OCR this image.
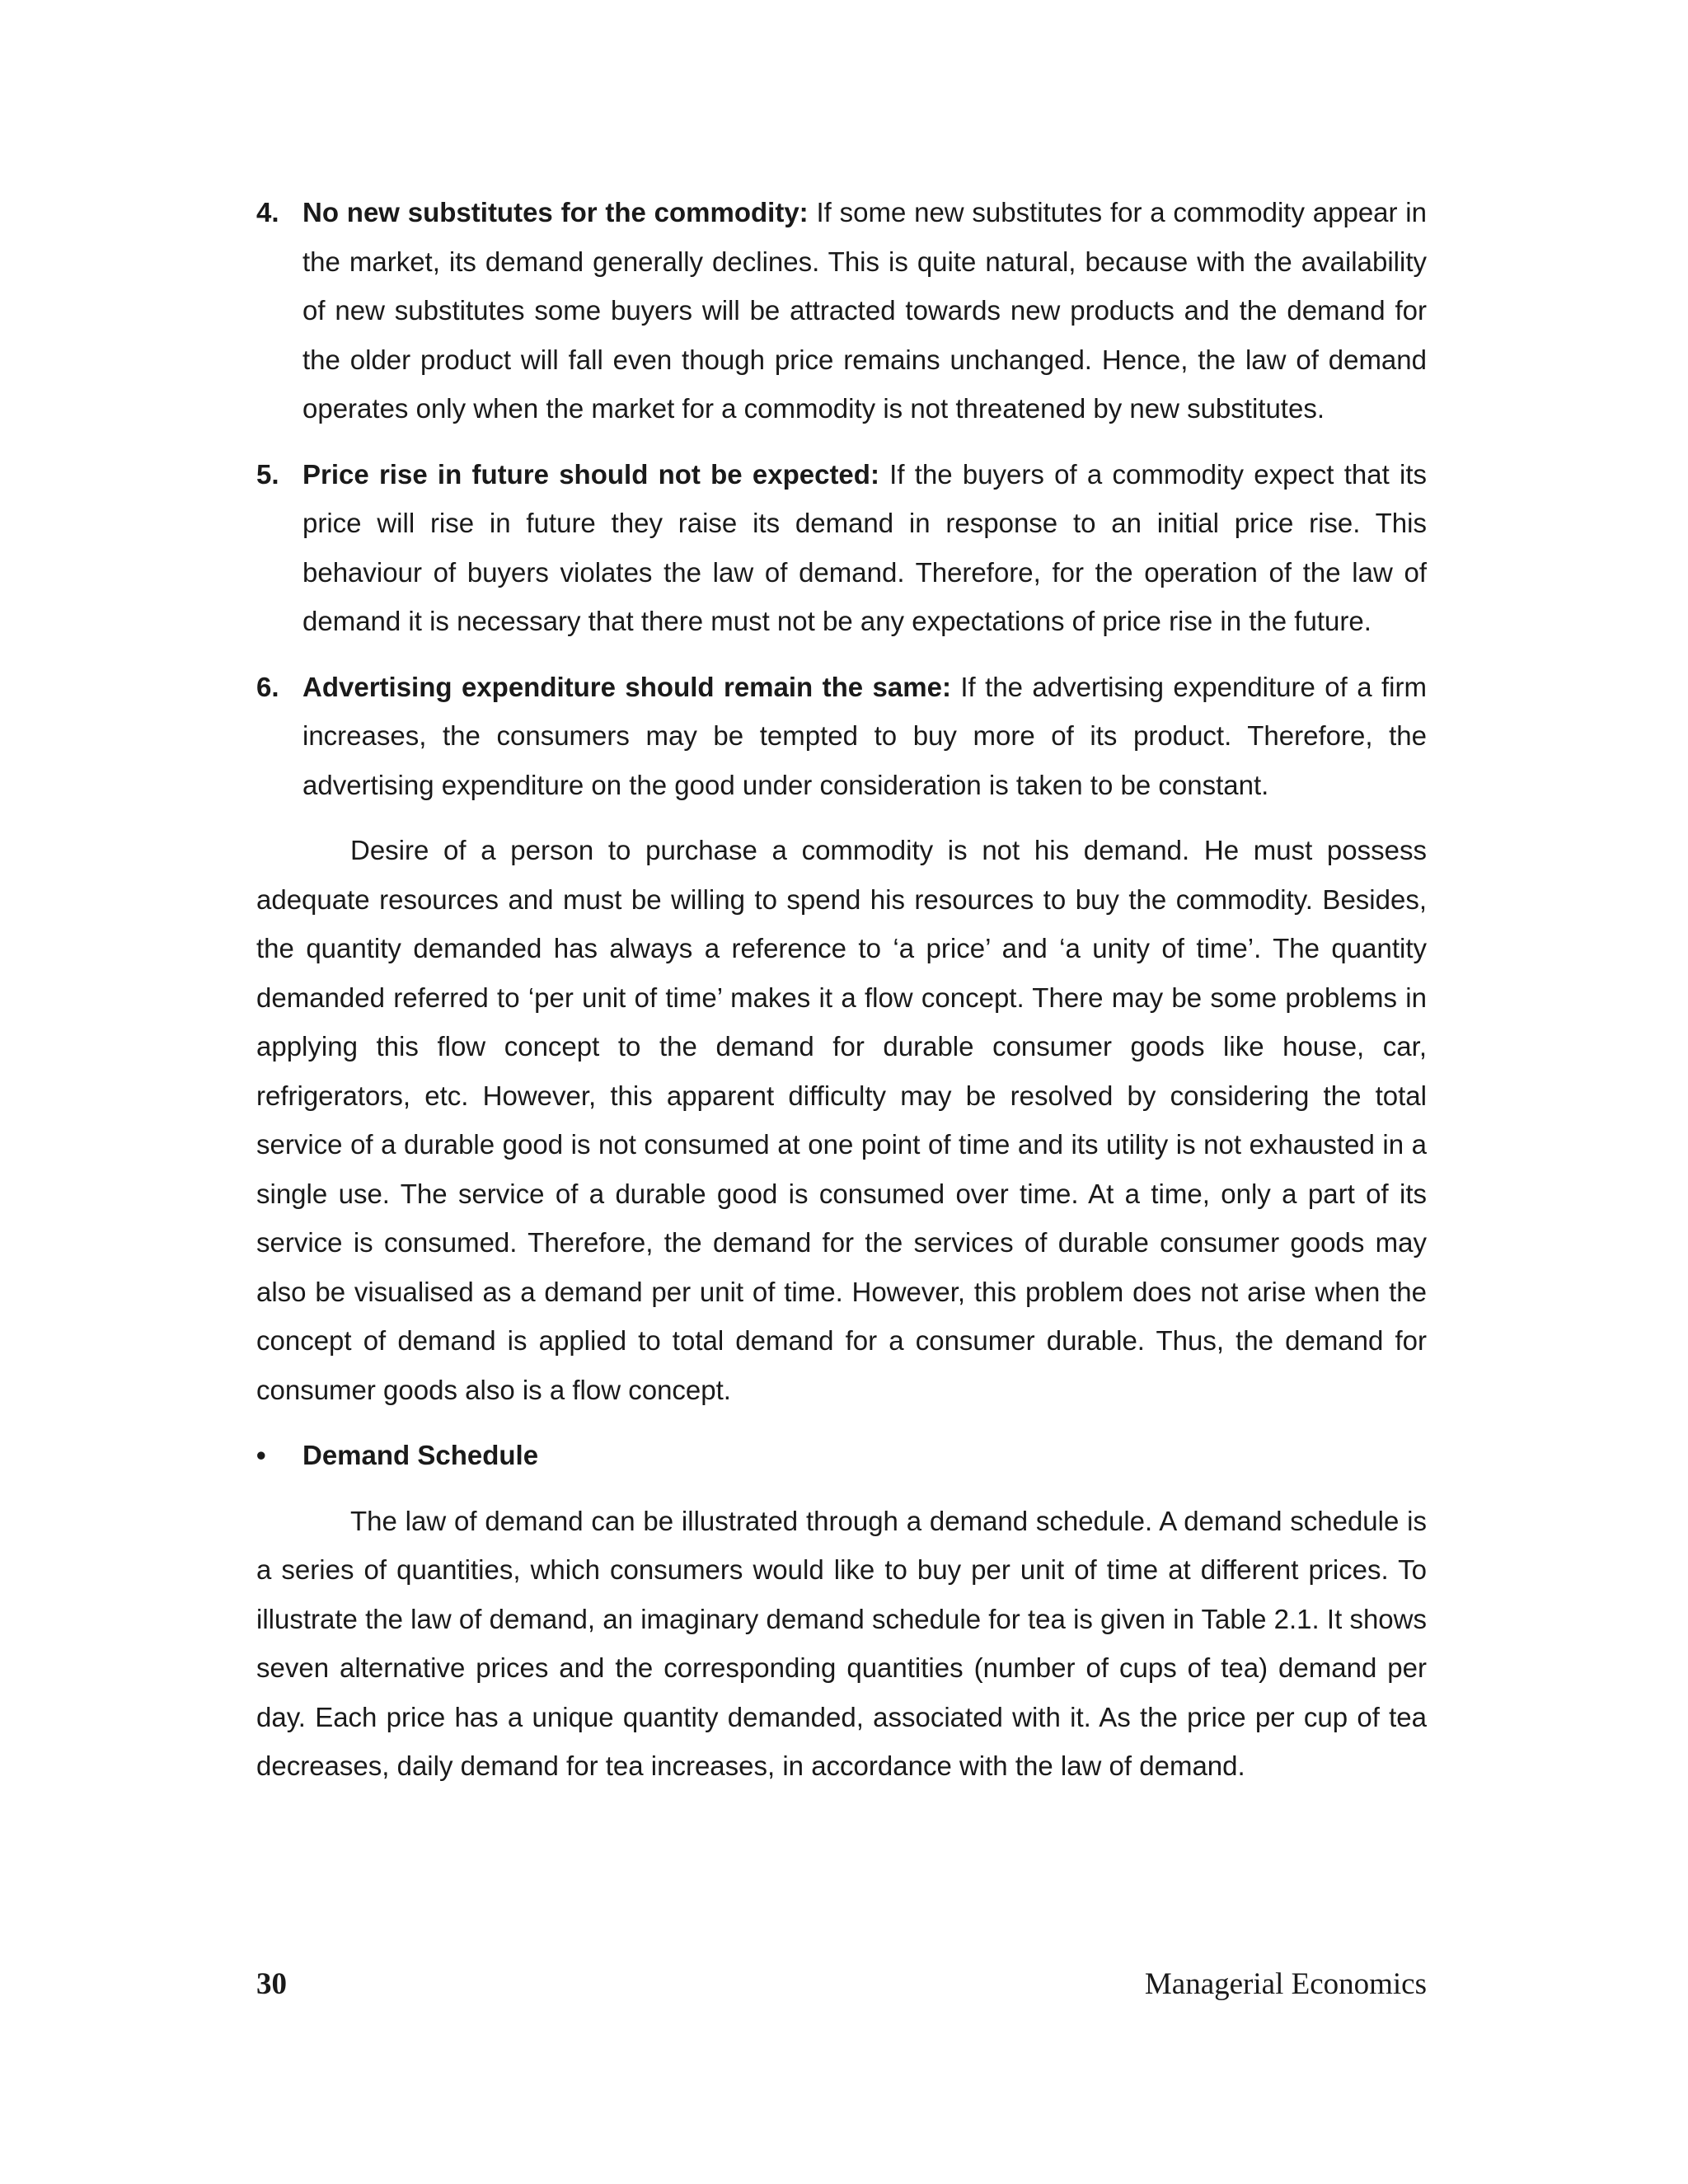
4. No new substitutes for the commodity: If some new substitutes for a commodity appear in the market, its demand generally declines. This is quite natural, because with the availability of new substitutes some buyers will be attracted towards new products and the demand for the older product will fall even though price remains unchanged. Hence, the law of demand operates only when the market for a commodity is not threatened by new substitutes.
5. Price rise in future should not be expected: If the buyers of a commodity expect that its price will rise in future they raise its demand in response to an initial price rise. This behaviour of buyers violates the law of demand. Therefore, for the operation of the law of demand it is necessary that there must not be any expectations of price rise in the future.
6. Advertising expenditure should remain the same: If the advertising expenditure of a firm increases, the consumers may be tempted to buy more of its product. Therefore, the advertising expenditure on the good under consideration is taken to be constant.

Desire of a person to purchase a commodity is not his demand. He must possess adequate resources and must be willing to spend his resources to buy the commodity. Besides, the quantity demanded has always a reference to ‘a price’ and ‘a unity of time’. The quantity demanded referred to ‘per unit of time’ makes it a flow concept. There may be some problems in applying this flow concept to the demand for durable consumer goods like house, car, refrigerators, etc. However, this apparent difficulty may be resolved by considering the total service of a durable good is not consumed at one point of time and its utility is not exhausted in a single use. The service of a durable good is consumed over time. At a time, only a part of its service is consumed. Therefore, the demand for the services of durable consumer goods may also be visualised as a demand per unit of time. However, this problem does not arise when the concept of demand is applied to total demand for a consumer durable. Thus, the demand for consumer goods also is a flow concept.

• Demand Schedule

The law of demand can be illustrated through a demand schedule. A demand schedule is a series of quantities, which consumers would like to buy per unit of time at different prices. To illustrate the law of demand, an imaginary demand schedule for tea is given in Table 2.1. It shows seven alternative prices and the corresponding quantities (number of cups of tea) demand per day. Each price has a unique quantity demanded, associated with it. As the price per cup of tea decreases, daily demand for tea increases, in accordance with the law of demand.

30	Managerial Economics
